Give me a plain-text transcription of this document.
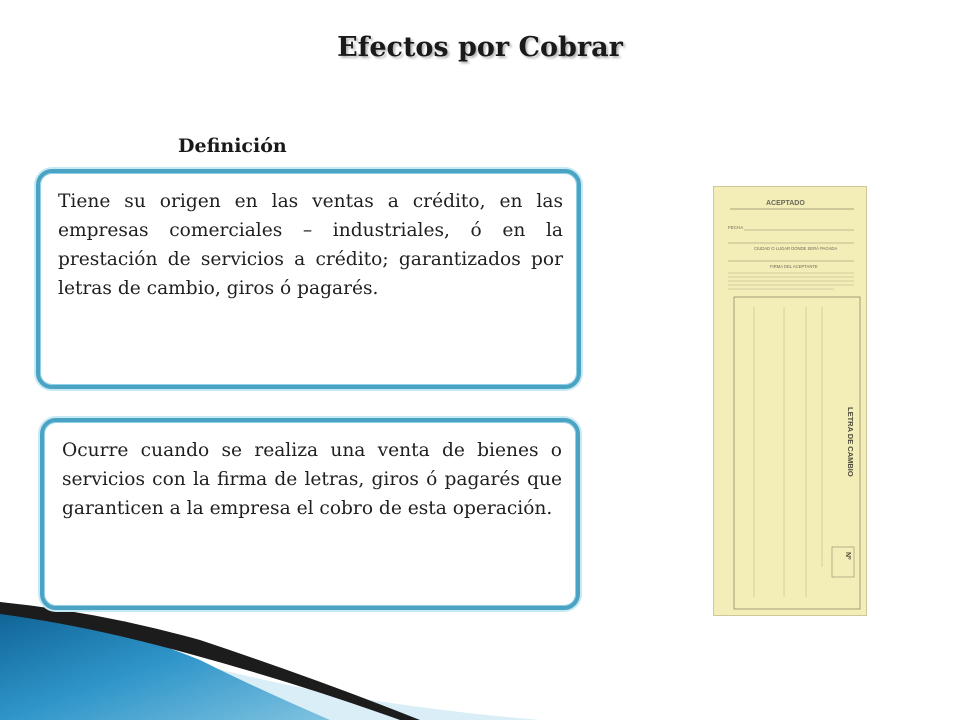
Efectos por Cobrar
Definición
Tiene su origen en las ventas a crédito, en las empresas comerciales – industriales, ó en la prestación de servicios a crédito; garantizados por letras de cambio, giros ó pagarés.
Ocurre cuando se realiza una venta de bienes o servicios con la firma de letras, giros ó pagarés que garanticen a la empresa el cobro de esta operación.
ACEPTADO
FECHA
CIUDAD O LUGAR DONDE SERÁ PAGADA
FIRMA DEL ACEPTANTE
LETRA DE CAMBIO
Nº
